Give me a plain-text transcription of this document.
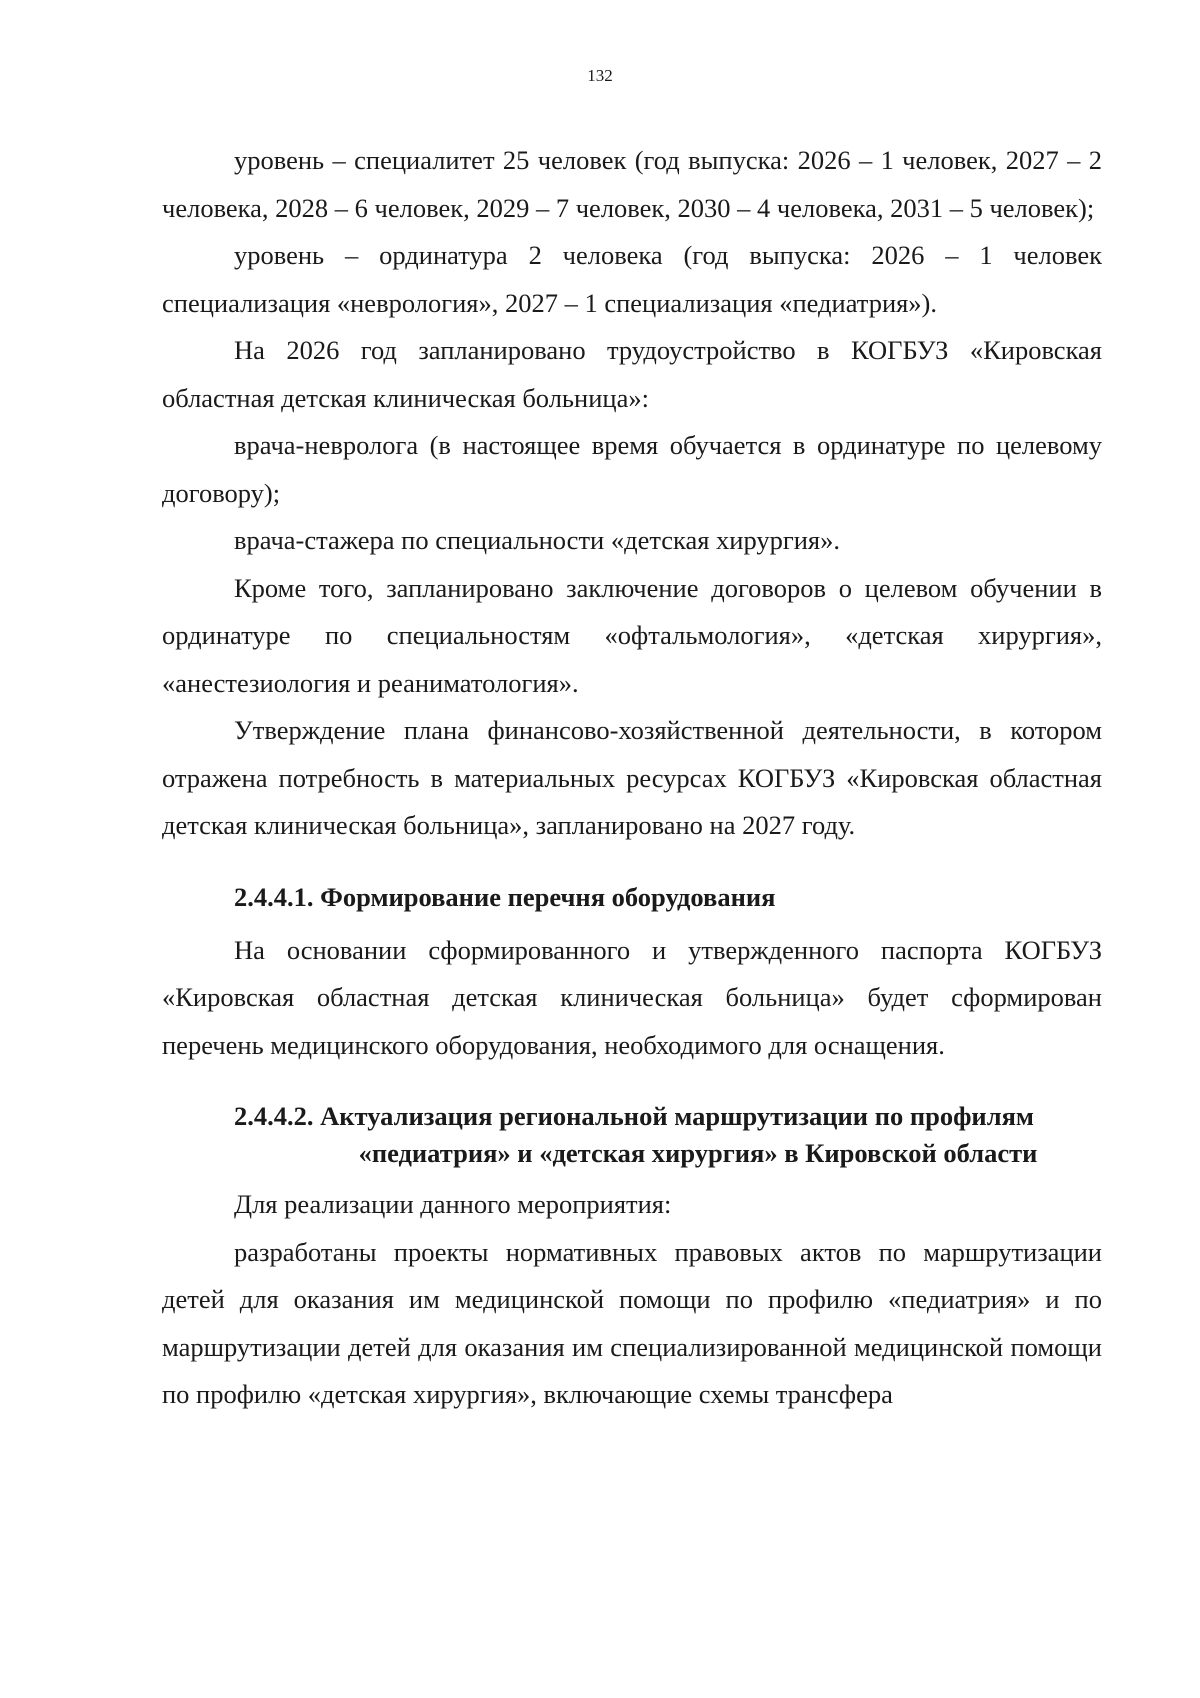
132

уровень – специалитет 25 человек (год выпуска: 2026 – 1 человек, 2027 – 2 человека, 2028 – 6 человек, 2029 – 7 человек, 2030 – 4 человека, 2031 – 5 человек);

уровень – ординатура 2 человека (год выпуска: 2026 – 1 человек специализация «неврология», 2027 – 1 специализация «педиатрия»).

На 2026 год запланировано трудоустройство в КОГБУЗ «Кировская областная детская клиническая больница»:

врача-невролога (в настоящее время обучается в ординатуре по целевому договору);

врача-стажера по специальности «детская хирургия».

Кроме того, запланировано заключение договоров о целевом обучении в ординатуре по специальностям «офтальмология», «детская хирургия», «анестезиология и реаниматология».

Утверждение плана финансово-хозяйственной деятельности, в котором отражена потребность в материальных ресурсах КОГБУЗ «Кировская областная детская клиническая больница», запланировано на 2027 году.

2.4.4.1. Формирование перечня оборудования

На основании сформированного и утвержденного паспорта КОГБУЗ «Кировская областная детская клиническая больница» будет сформирован перечень медицинского оборудования, необходимого для оснащения.

2.4.4.2. Актуализация региональной маршрутизации по профилям
«педиатрия» и «детская хирургия» в Кировской области

Для реализации данного мероприятия:

разработаны проекты нормативных правовых актов по маршрутизации детей для оказания им медицинской помощи по профилю «педиатрия» и по маршрутизации детей для оказания им специализированной медицинской помощи по профилю «детская хирургия», включающие схемы трансфера
